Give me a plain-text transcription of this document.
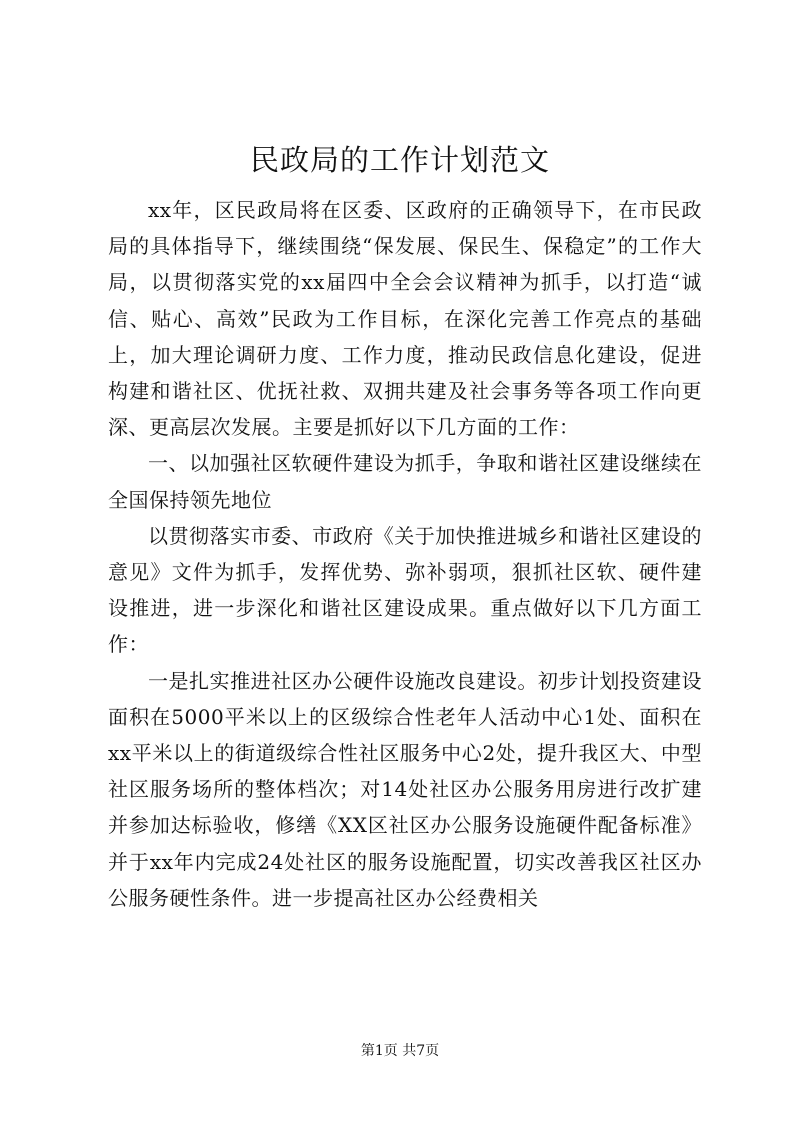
民政局的工作计划范文

xx年，区民政局将在区委、区政府的正确领导下，在市民政局的具体指导下，继续围绕“保发展、保民生、保稳定”的工作大局，以贯彻落实党的xx届四中全会会议精神为抓手，以打造“诚信、贴心、高效”民政为工作目标，在深化完善工作亮点的基础上，加大理论调研力度、工作力度，推动民政信息化建设，促进构建和谐社区、优抚社救、双拥共建及社会事务等各项工作向更深、更高层次发展。主要是抓好以下几方面的工作：

一、以加强社区软硬件建设为抓手，争取和谐社区建设继续在全国保持领先地位

以贯彻落实市委、市政府《关于加快推进城乡和谐社区建设的意见》文件为抓手，发挥优势、弥补弱项，狠抓社区软、硬件建设推进，进一步深化和谐社区建设成果。重点做好以下几方面工作：

一是扎实推进社区办公硬件设施改良建设。初步计划投资建设面积在5000平米以上的区级综合性老年人活动中心1处、面积在xx平米以上的街道级综合性社区服务中心2处，提升我区大、中型社区服务场所的整体档次；对14处社区办公服务用房进行改扩建并参加达标验收，修缮《XX区社区办公服务设施硬件配备标准》并于xx年内完成24处社区的服务设施配置，切实改善我区社区办公服务硬性条件。进一步提高社区办公经费相关

第1页 共7页
